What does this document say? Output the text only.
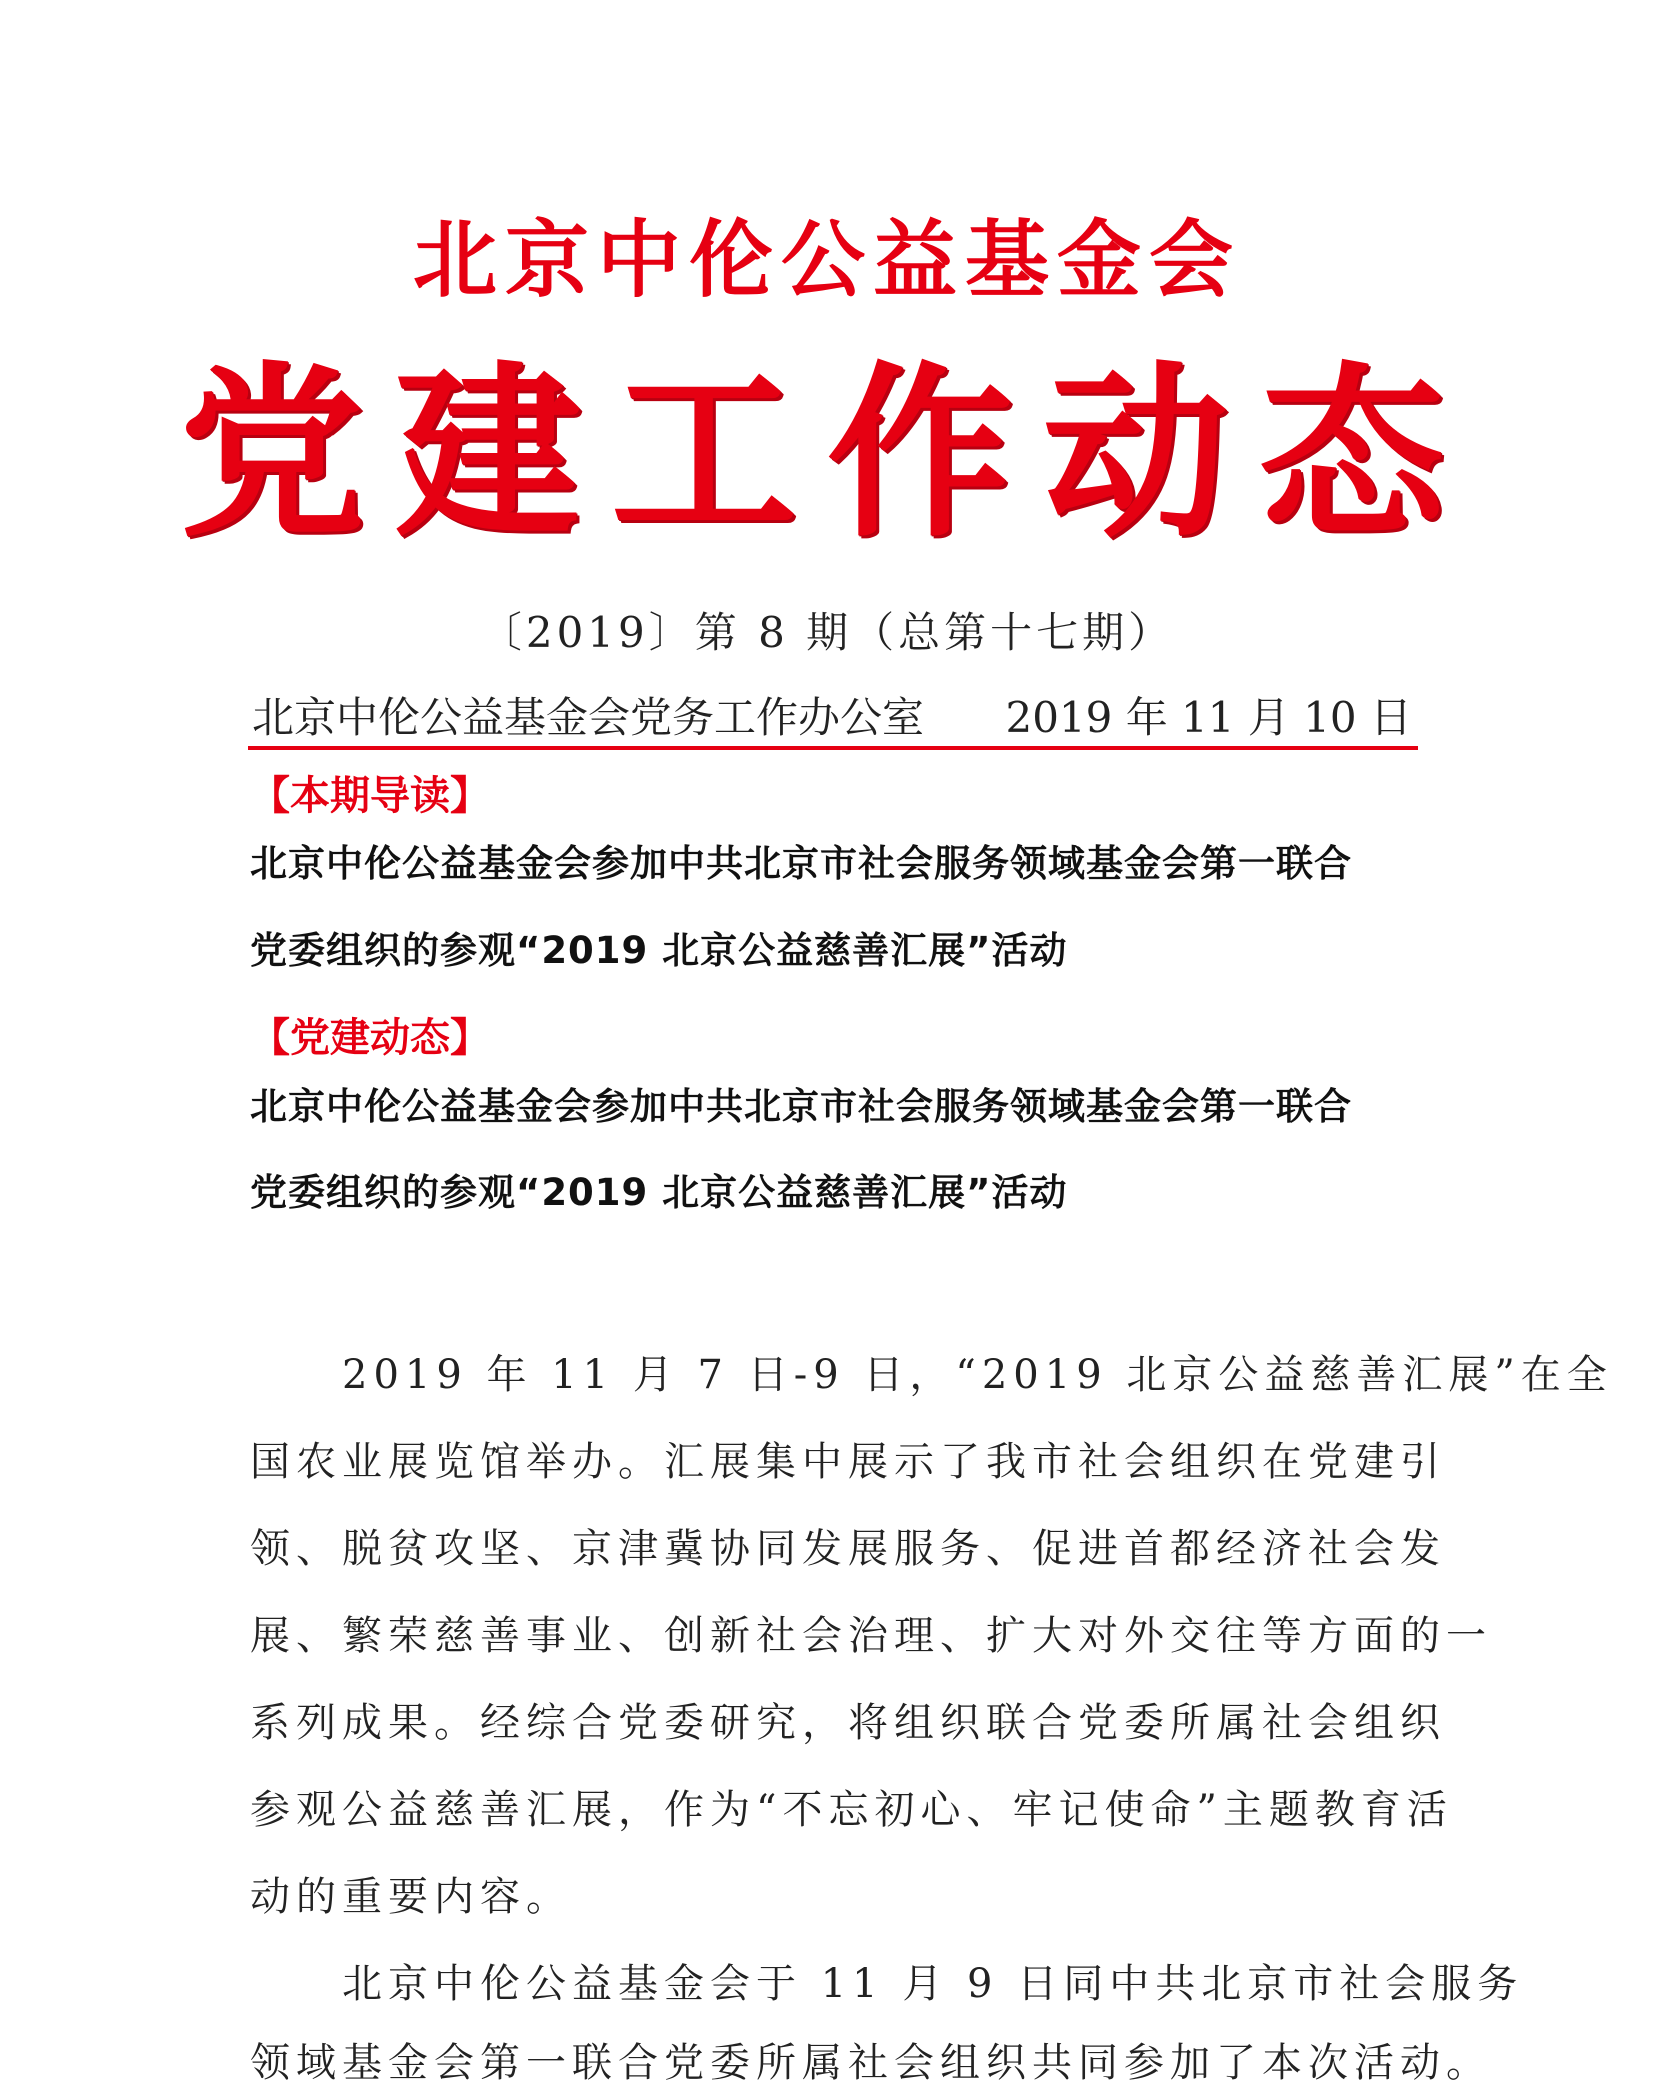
北京中伦公益基金会
党建工作动态
〔2019〕第 8 期（总第十七期）
北京中伦公益基金会党务工作办公室 2019 年 11 月 10 日
【本期导读】
北京中伦公益基金会参加中共北京市社会服务领域基金会第一联合
党委组织的参观“2019 北京公益慈善汇展”活动
【党建动态】
北京中伦公益基金会参加中共北京市社会服务领域基金会第一联合
党委组织的参观“2019 北京公益慈善汇展”活动
　　2019 年 11 月 7 日-9 日，“2019 北京公益慈善汇展”在全
国农业展览馆举办。汇展集中展示了我市社会组织在党建引
领、脱贫攻坚、京津冀协同发展服务、促进首都经济社会发
展、繁荣慈善事业、创新社会治理、扩大对外交往等方面的一
系列成果。经综合党委研究，将组织联合党委所属社会组织
参观公益慈善汇展，作为“不忘初心、牢记使命”主题教育活
动的重要内容。
　　北京中伦公益基金会于 11 月 9 日同中共北京市社会服务
领域基金会第一联合党委所属社会组织共同参加了本次活动。
